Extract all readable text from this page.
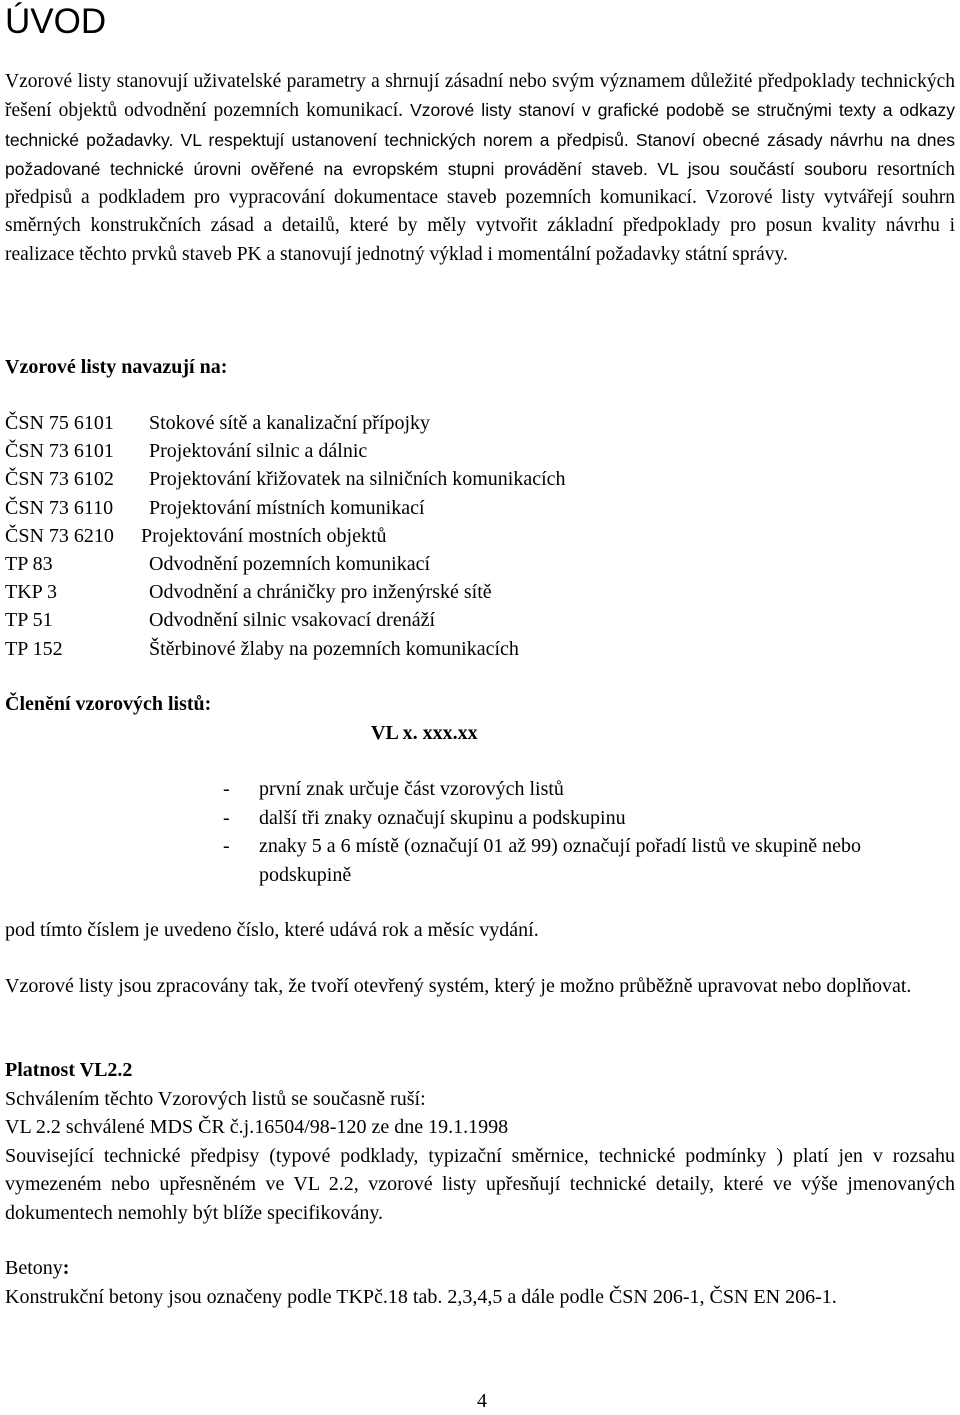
ÚVOD

Vzorové listy stanovují uživatelské parametry a shrnují zásadní nebo svým významem důležité předpoklady technických řešení objektů odvodnění pozemních komunikací. Vzorové listy stanoví v grafické podobě se stručnými texty a odkazy technické požadavky. VL respektují ustanovení technických norem a předpisů. Stanoví obecné zásady návrhu na dnes požadované technické úrovni ověřené na evropském stupni provádění staveb. VL jsou součástí souboru resortních předpisů a podkladem pro vypracování dokumentace staveb pozemních komunikací. Vzorové listy vytvářejí souhrn směrných konstrukčních zásad a detailů, které by měly vytvořit základní předpoklady pro posun kvality návrhu i realizace těchto prvků staveb PK a stanovují jednotný výklad i momentální požadavky státní správy.

Vzorové listy navazují na:

ČSN 75 6101 Stokové sítě a kanalizační přípojky
ČSN 73 6101 Projektování silnic a dálnic
ČSN 73 6102 Projektování křižovatek na silničních komunikacích
ČSN 73 6110 Projektování místních komunikací
ČSN 73 6210 Projektování mostních objektů
TP 83	Odvodnění pozemních komunikací
TKP 3	Odvodnění a chráničky pro inženýrské sítě
TP 51	Odvodnění silnic vsakovací drenáží
TP 152	Štěrbinové žlaby na pozemních komunikacích

Členění vzorových listů:

VL x. xxx.xx
- první znak určuje část vzorových listů
- další tři znaky označují skupinu a podskupinu
- znaky 5 a 6 místě (označují 01 až 99) označují pořadí listů ve skupině nebo podskupině

pod tímto číslem je uvedeno číslo, které udává rok a měsíc vydání.

Vzorové listy jsou zpracovány tak, že tvoří otevřený systém, který je možno průběžně upravovat nebo doplňovat.

Platnost VL2.2
Schválením těchto Vzorových listů se současně ruší:
VL 2.2 schválené MDS ČR č.j.16504/98-120 ze dne 19.1.1998
Související technické předpisy (typové podklady, typizační směrnice, technické podmínky ) platí jen v rozsahu vymezeném nebo upřesněném ve VL 2.2, vzorové listy upřesňují technické detaily, které ve výše jmenovaných dokumentech nemohly být blíže specifikovány.
Betony:
Konstrukční betony jsou označeny podle TKPč.18 tab. 2,3,4,5 a dále podle ČSN 206-1, ČSN EN 206-1.
4
